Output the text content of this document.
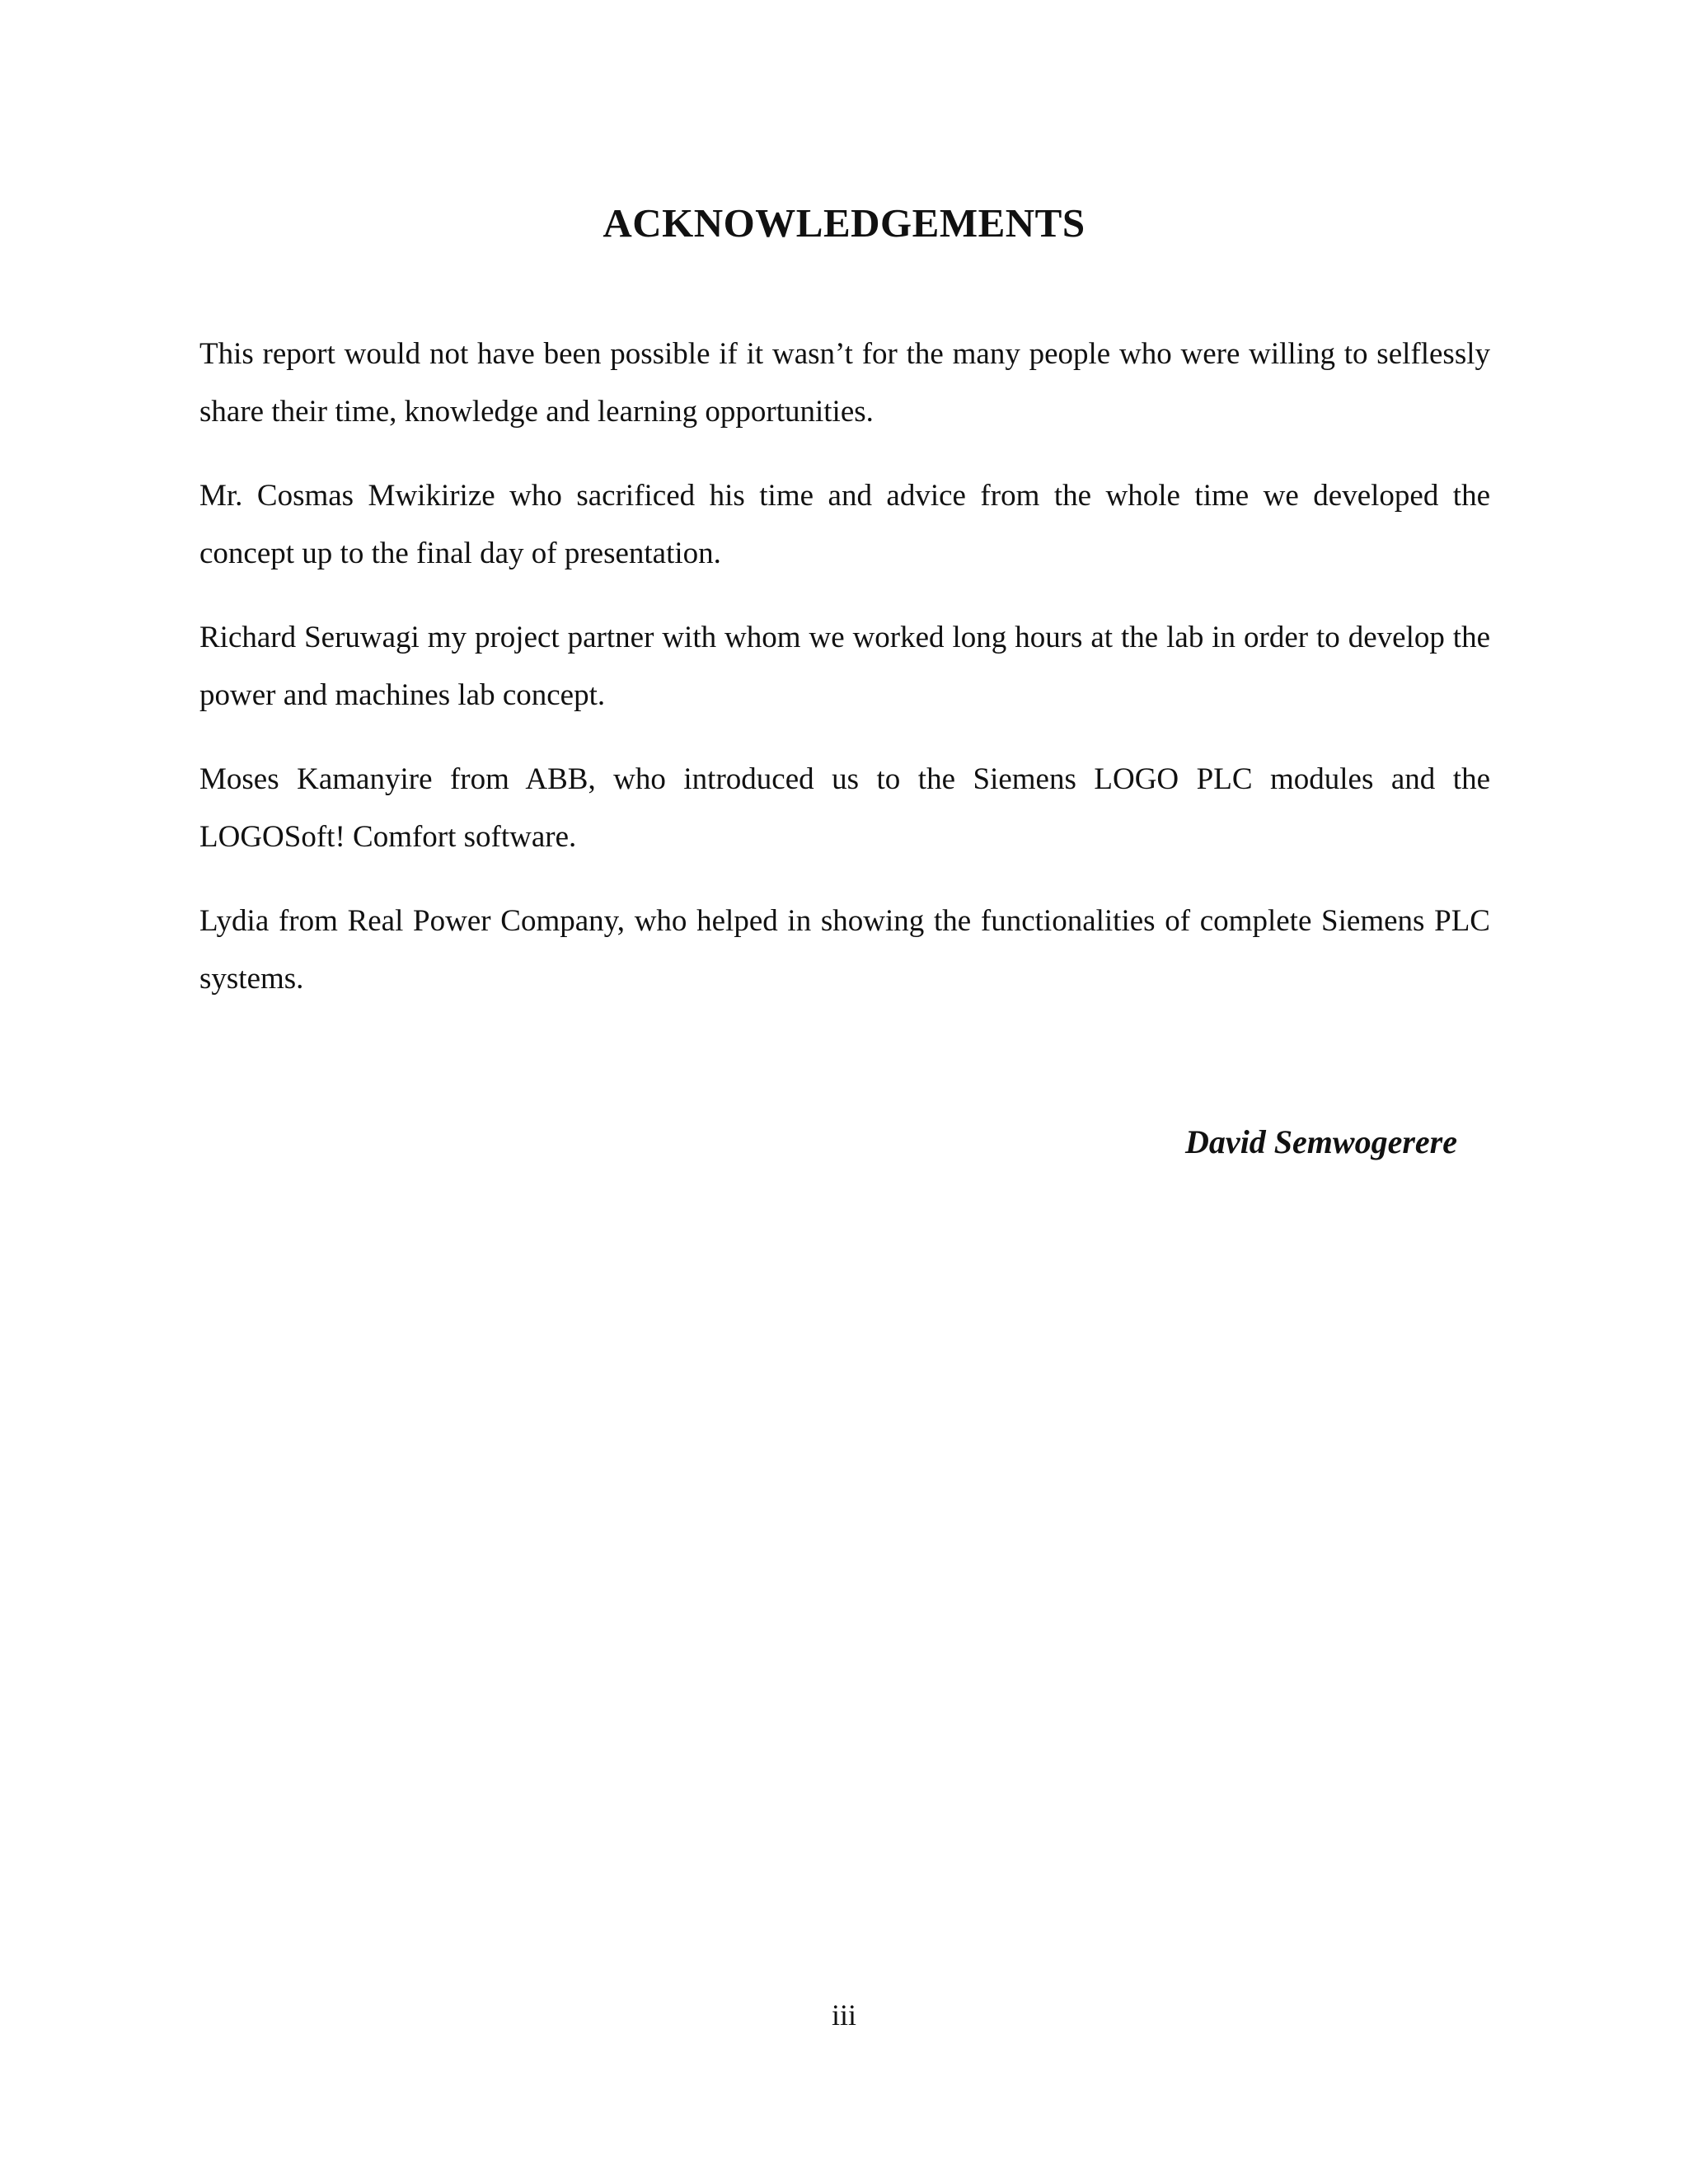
ACKNOWLEDGEMENTS

This report would not have been possible if it wasn’t for the many people who were willing to selflessly share their time, knowledge and learning opportunities.

Mr. Cosmas Mwikirize who sacrificed his time and advice from the whole time we developed the concept up to the final day of presentation.

Richard Seruwagi my project partner with whom we worked long hours at the lab in order to develop the power and machines lab concept.

Moses Kamanyire from ABB, who introduced us to the Siemens LOGO PLC modules and the LOGOSoft! Comfort software.

Lydia from Real Power Company, who helped in showing the functionalities of complete Siemens PLC systems.

David Semwogerere
iii
